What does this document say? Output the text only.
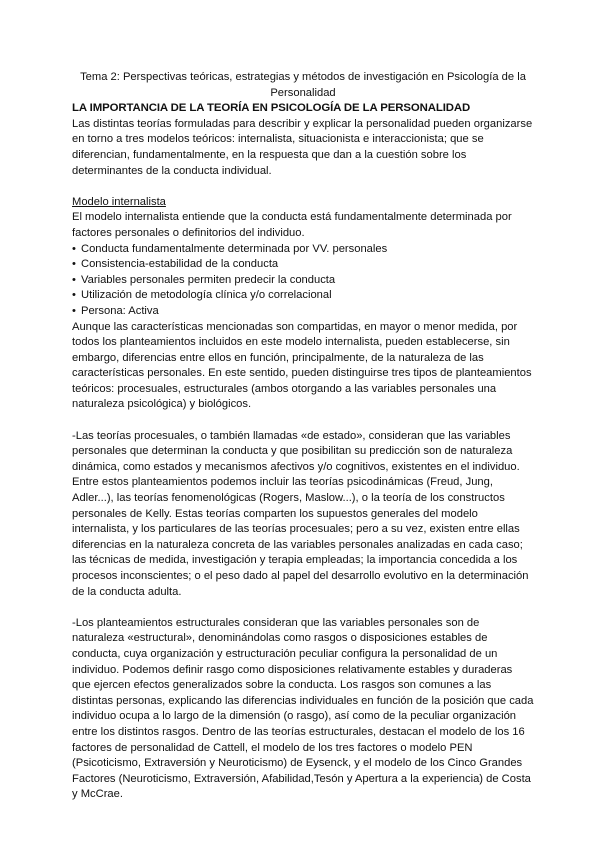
Tema 2: Perspectivas teóricas, estrategias y métodos de investigación en Psicología de la Personalidad

LA IMPORTANCIA DE LA TEORÍA EN PSICOLOGÍA DE LA PERSONALIDAD

Las distintas teorías formuladas para describir y explicar la personalidad pueden organizarse en torno a tres modelos teóricos: internalista, situacionista e interaccionista; que se diferencian, fundamentalmente, en la respuesta que dan a la cuestión sobre los determinantes de la conducta individual.

Modelo internalista

El modelo internalista entiende que la conducta está fundamentalmente determinada por factores personales o definitorios del individuo.

• Conducta fundamentalmente determinada por VV. personales
• Consistencia-estabilidad de la conducta
• Variables personales permiten predecir la conducta
• Utilización de metodología clínica y/o correlacional
• Persona: Activa

Aunque las características mencionadas son compartidas, en mayor o menor medida, por todos los planteamientos incluidos en este modelo internalista, pueden establecerse, sin embargo, diferencias entre ellos en función, principalmente, de la naturaleza de las características personales. En este sentido, pueden distinguirse tres tipos de planteamientos teóricos: procesuales, estructurales (ambos otorgando a las variables personales una naturaleza psicológica) y biológicos.

-Las teorías procesuales, o también llamadas «de estado», consideran que las variables personales que determinan la conducta y que posibilitan su predicción son de naturaleza dinámica, como estados y mecanismos afectivos y/o cognitivos, existentes en el individuo. Entre estos planteamientos podemos incluir las teorías psicodinámicas (Freud, Jung, Adler...), las teorías fenomenológicas (Rogers, Maslow...), o la teoría de los constructos personales de Kelly. Estas teorías comparten los supuestos generales del modelo internalista, y los particulares de las teorías procesuales; pero a su vez, existen entre ellas diferencias en la naturaleza concreta de las variables personales analizadas en cada caso; las técnicas de medida, investigación y terapia empleadas; la importancia concedida a los procesos inconscientes; o el peso dado al papel del desarrollo evolutivo en la determinación de la conducta adulta.

-Los planteamientos estructurales consideran que las variables personales son de naturaleza «estructural», denominándolas como rasgos o disposiciones estables de conducta, cuya organización y estructuración peculiar configura la personalidad de un individuo. Podemos definir rasgo como disposiciones relativamente estables y duraderas que ejercen efectos generalizados sobre la conducta. Los rasgos son comunes a las distintas personas, explicando las diferencias individuales en función de la posición que cada individuo ocupa a lo largo de la dimensión (o rasgo), así como de la peculiar organización entre los distintos rasgos. Dentro de las teorías estructurales, destacan el modelo de los 16 factores de personalidad de Cattell, el modelo de los tres factores o modelo PEN (Psicoticismo, Extraversión y Neuroticismo) de Eysenck, y el modelo de los Cinco Grandes Factores (Neuroticismo, Extraversión, Afabilidad,Tesón y Apertura a la experiencia) de Costa y McCrae.
